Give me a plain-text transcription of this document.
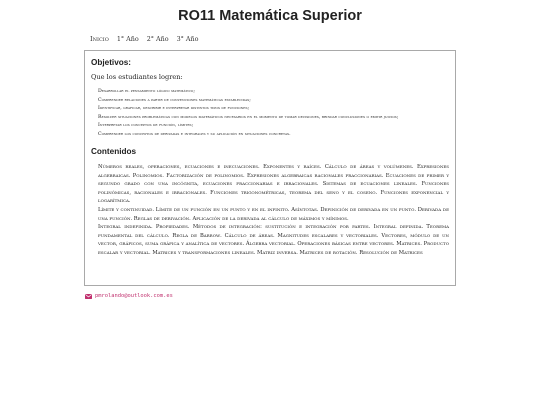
RO11 Matemática Superior
Inicio 1° Año 2° Año 3° Año
Objetivos:

Que los estudiantes logren:

Desarrollar el pensamiento lógico matemático;
Comprender relaciones a partir de convenciones matemáticas establecidas;
Identificar, graficar, describir e interpretar distintos tipos de funciones;
Resolver situaciones problemáticas con modelos matemáticos necesarios en el momento de tomar decisiones, brindar conclusiones o emitir juicios;
Interpretar los conceptos de función, límites;
Comprender los conceptos de derivadas e integrales y su aplicación en situaciones concretas.
Contenidos
Números reales, operaciones, ecuaciones e inecuaciones. Exponentes y raíces. Cálculo de áreas y volúmenes. Expresiones algebraicas. Polinomios. Factorización de polinomios. Expresiones algebraicas racionales fraccionarias. Ecuaciones de primer y segundo grado con una incógnita, ecuaciones fraccionarias e irracionales. Sistemas de ecuaciones lineales. Funciones polinómicas, racionales e irracionales. Funciones trigonométricas, teorema del seno y el coseno. Funciones exponencial y logarítmica.
Límite y continuidad. Límite de un función en un punto y en el infinito. Asíntotas. Definición de derivada en un punto. Derivada de una función. Reglas de derivación. Aplicación de la derivada al cálculo de máximos y mínimos.
Integral indefinida. Propiedades. Métodos de integración: sustitución e integración por partes. Integral definida. Teorema fundamental del cálculo. Regla de Barrow. Cálculo de áreas. Magnitudes escalares y vectoriales. Vectores, módulo de un vector, gráficos, suma gráfica y analítica de vectores. Álgebra vectorial. Operaciones básicas entre vectores. Matrices. Producto escalar y vectorial. Matrices y transformaciones lineales. Matriz inversa. Matrices de rotación. Resolución de Matrices
pmrolando@outlook.com.es
